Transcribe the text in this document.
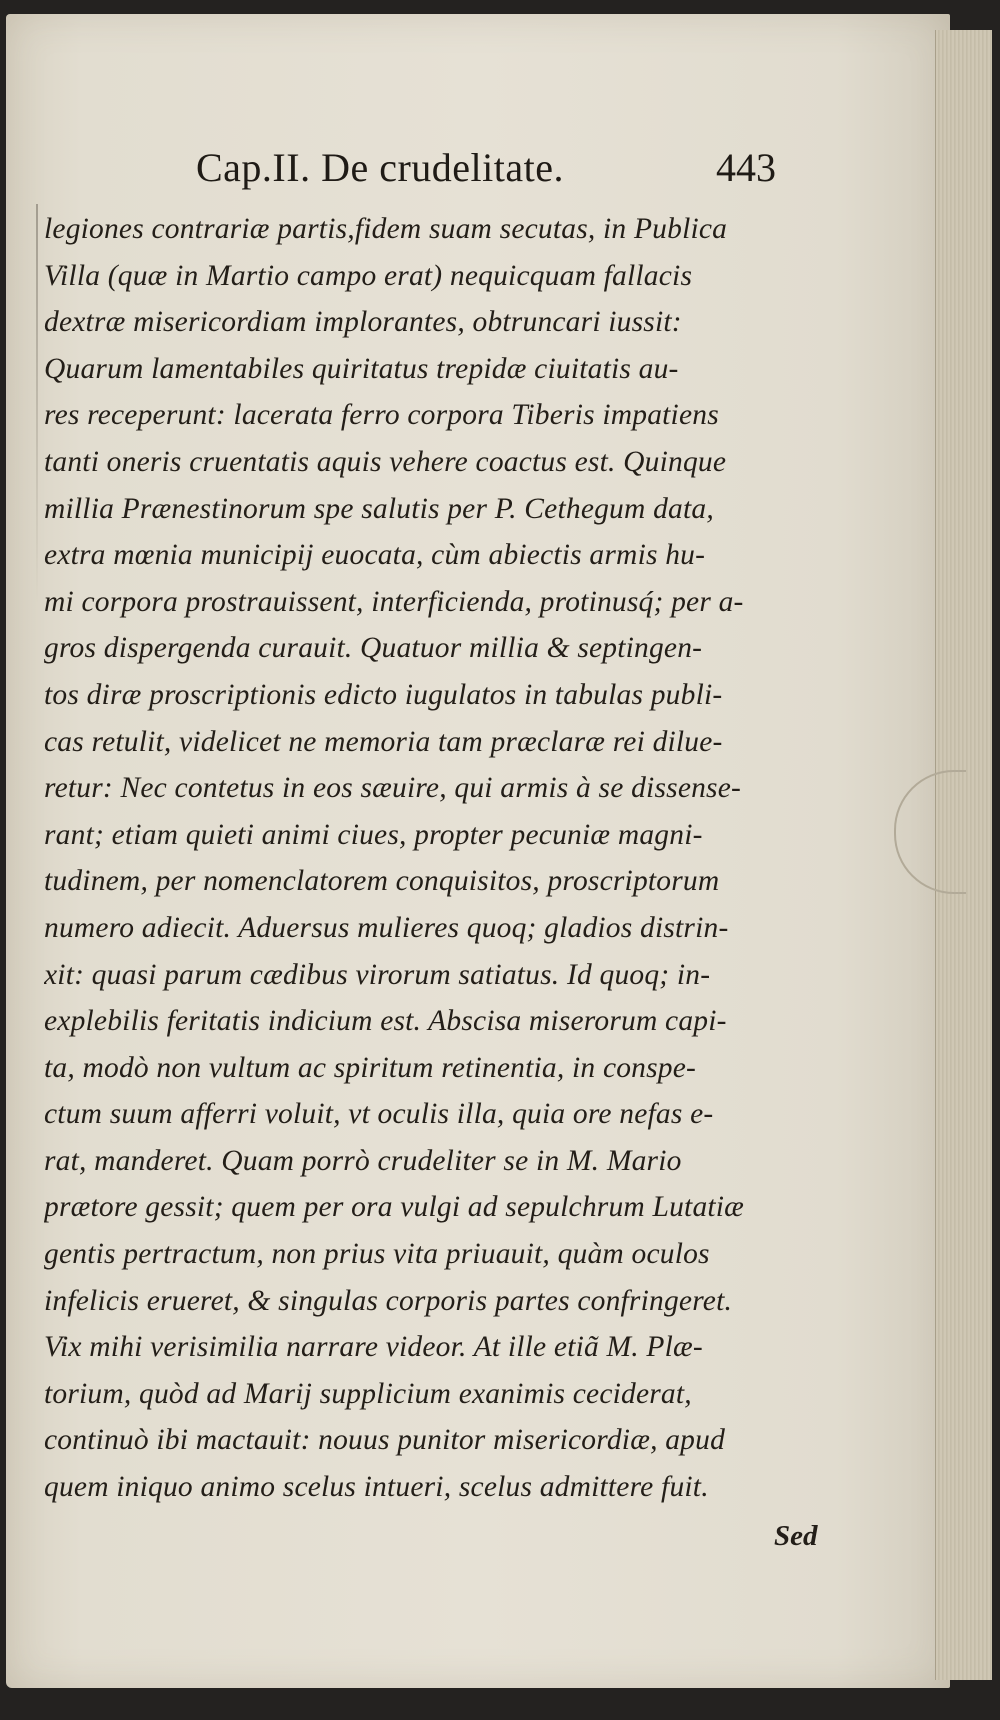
Cap.II. De crudelitate.	443
legiones contrariæ partis,fidem suam secutas, in Publica
Villa (quæ in Martio campo erat) nequicquam fallacis
dextræ misericordiam implorantes, obtruncari iussit:
Quarum lamentabiles quiritatus trepidæ ciuitatis au-
res receperunt: lacerata ferro corpora Tiberis impatiens
tanti oneris cruentatis aquis vehere coactus est. Quinque
millia Prænestinorum spe salutis per P. Cethegum data,
extra mœnia municipij euocata, cùm abiectis armis hu-
mi corpora prostrauissent, interficienda, protinusq́; per a-
gros dispergenda curauit. Quatuor millia & septingen-
tos diræ proscriptionis edicto iugulatos in tabulas publi-
cas retulit, videlicet ne memoria tam præclaræ rei dilue-
retur: Nec contetus in eos sæuire, qui armis à se dissense-
rant; etiam quieti animi ciues, propter pecuniæ magni-
tudinem, per nomenclatorem conquisitos, proscriptorum
numero adiecit. Aduersus mulieres quoq; gladios distrin-
xit: quasi parum cædibus virorum satiatus. Id quoq; in-
explebilis feritatis indicium est. Abscisa miserorum capi-
ta, modò non vultum ac spiritum retinentia, in conspe-
ctum suum afferri voluit, vt oculis illa, quia ore nefas e-
rat, manderet. Quam porrò crudeliter se in M. Mario
prætore gessit; quem per ora vulgi ad sepulchrum Lutatiæ
gentis pertractum, non prius vita priuauit, quàm oculos
infelicis erueret, & singulas corporis partes confringeret.
Vix mihi verisimilia narrare videor. At ille etiã M. Plæ-
torium, quòd ad Marij supplicium exanimis ceciderat,
continuò ibi mactauit: nouus punitor misericordiæ, apud
quem iniquo animo scelus intueri, scelus admittere fuit.
Sed
